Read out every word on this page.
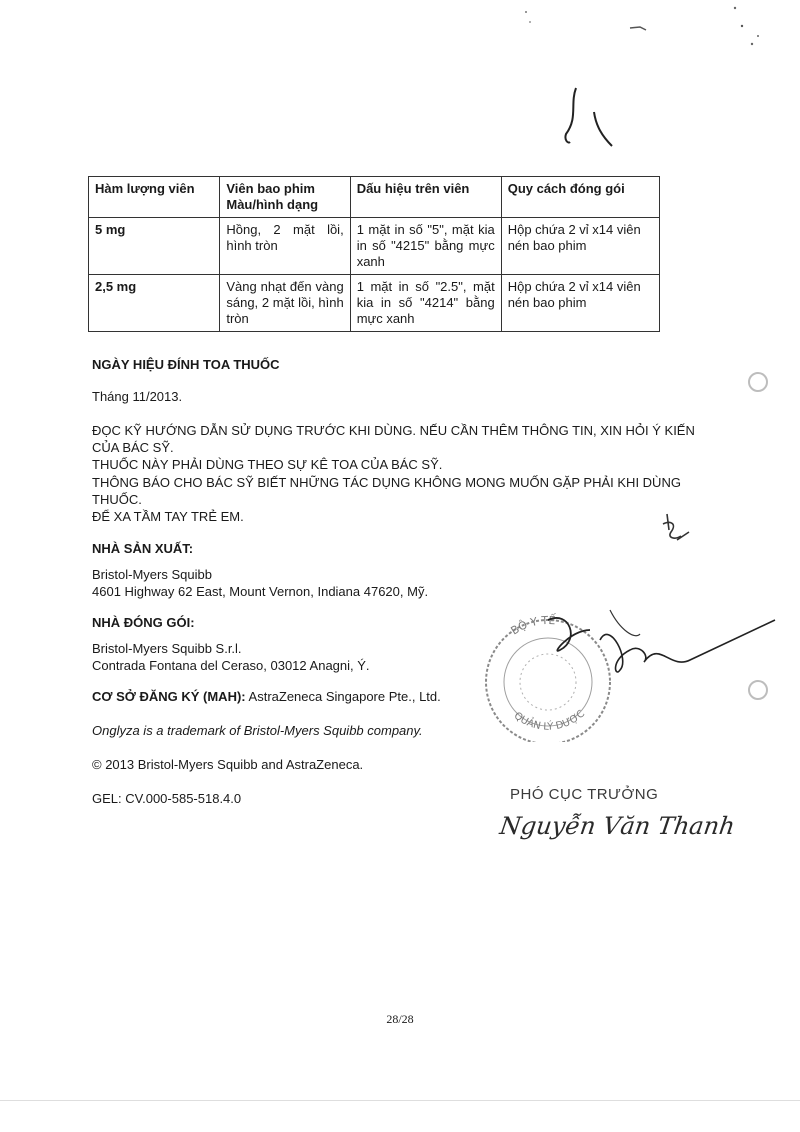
Hàm lượng viên	Viên bao phim Màu/hình dạng	Dấu hiệu trên viên	Quy cách đóng gói
5 mg	Hồng, 2 mặt lồi, hình tròn	1 mặt in số "5", mặt kia in số "4215" bằng mực xanh	Hộp chứa 2 vỉ x14 viên nén bao phim
2,5 mg	Vàng nhạt đến vàng sáng, 2 mặt lồi, hình tròn	1 mặt in số "2.5", mặt kia in số "4214" bằng mực xanh	Hộp chứa 2 vỉ x14 viên nén bao phim

NGÀY HIỆU ĐÍNH TOA THUỐC

Tháng 11/2013.

ĐỌC KỸ HƯỚNG DẪN SỬ DỤNG TRƯỚC KHI DÙNG. NẾU CẦN THÊM THÔNG TIN, XIN HỎI Ý KIẾN CỦA BÁC SỸ.

THUỐC NÀY PHẢI DÙNG THEO SỰ KÊ TOA CỦA BÁC SỸ.

THÔNG BÁO CHO BÁC SỸ BIẾT NHỮNG TÁC DỤNG KHÔNG MONG MUỐN GẶP PHẢI KHI DÙNG THUỐC.

ĐỂ XA TẦM TAY TRẺ EM.

NHÀ SẢN XUẤT:

Bristol-Myers Squibb

4601 Highway 62 East, Mount Vernon, Indiana 47620, Mỹ.

NHÀ ĐÓNG GÓI:

Bristol-Myers Squibb S.r.l.

Contrada Fontana del Ceraso, 03012 Anagni, Ý.

CƠ SỞ ĐĂNG KÝ (MAH): AstraZeneca Singapore Pte., Ltd.

Onglyza is a trademark of Bristol-Myers Squibb company.

© 2013 Bristol-Myers Squibb and AstraZeneca.

GEL: CV.000-585-518.4.0

BỘ Y TẾ
QUẢN LÝ DƯỢC
PHÓ CỤC TRƯỞNG
Nguyễn Văn Thanh
28/28
